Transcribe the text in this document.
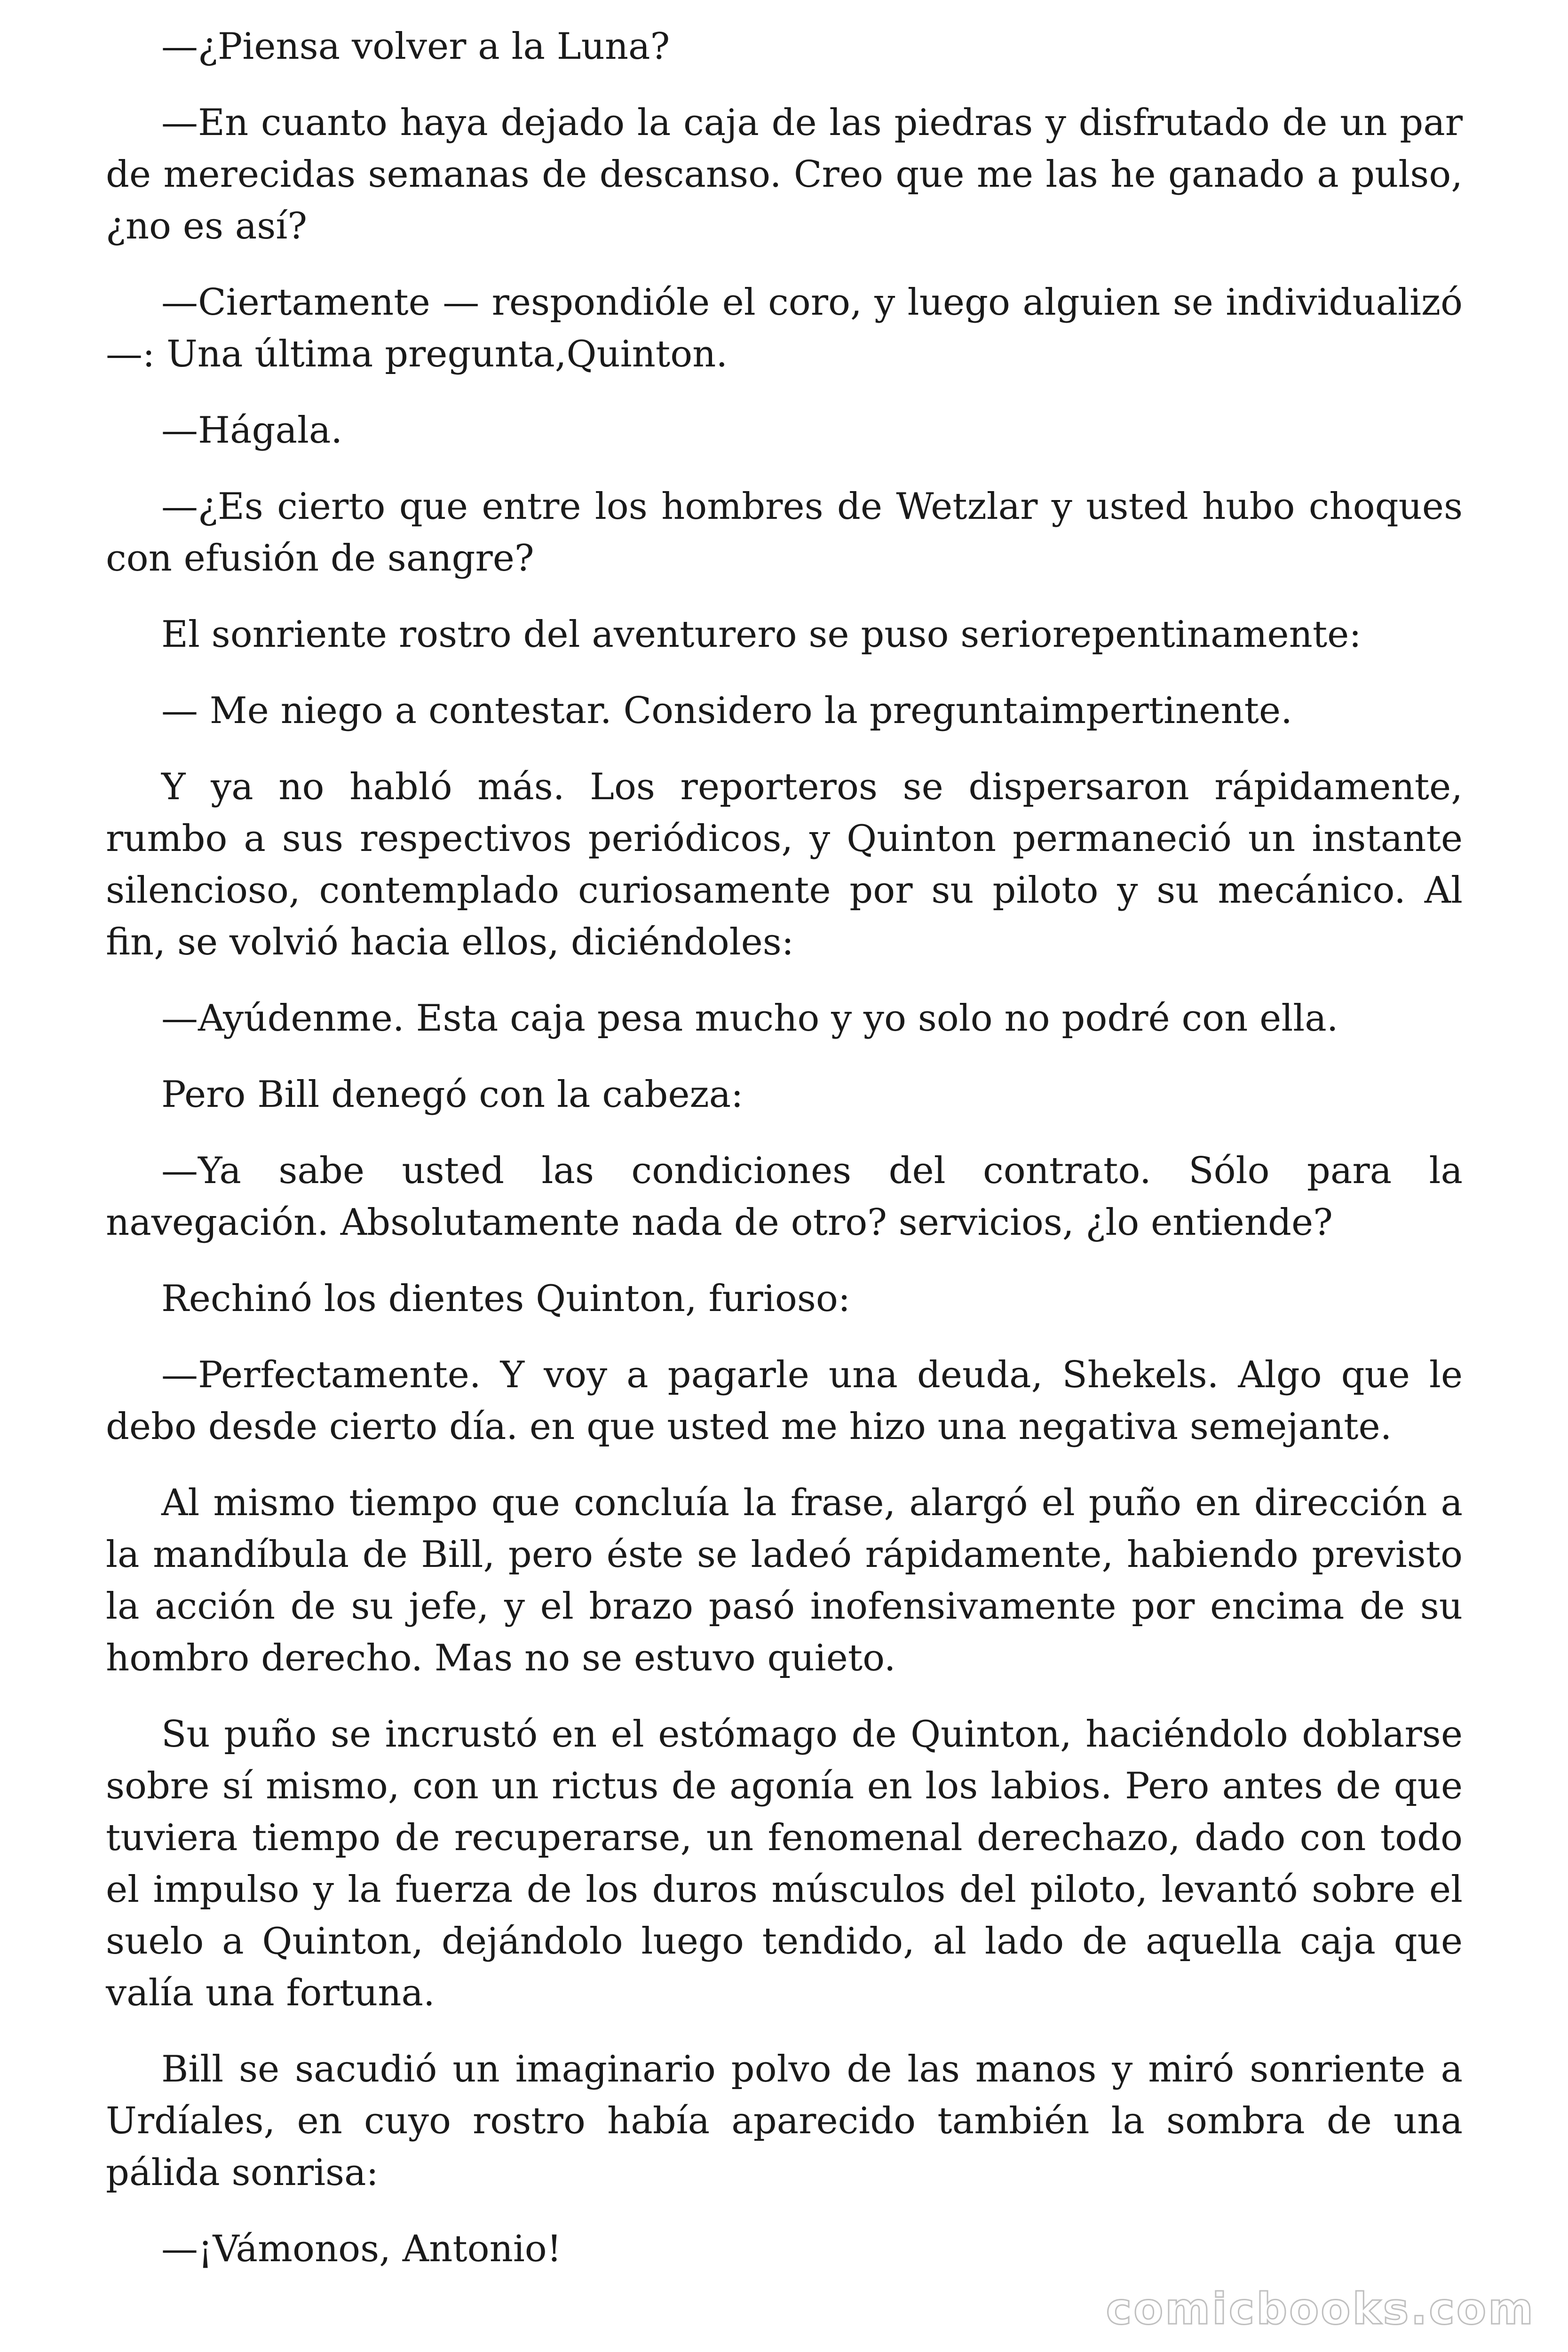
—¿Piensa volver a la Luna?

—En cuanto haya dejado la caja de las piedras y disfrutado de un par de merecidas semanas de descanso. Creo que me las he ganado a pulso, ¿no es así?

—Ciertamente — respondióle el coro, y luego alguien se individualizó—: Una última pregunta,Quinton.

—Hágala.

—¿Es cierto que entre los hombres de Wetzlar y usted hubo choques con efusión de sangre?

El sonriente rostro del aventurero se puso seriorepentinamente:

— Me niego a contestar. Considero la preguntaimpertinente.

Y ya no habló más. Los reporteros se dispersaron rápidamente, rumbo a sus respectivos periódicos, y Quinton permaneció un instante silencioso, contemplado curiosamente por su piloto y su mecánico. Al fin, se volvió hacia ellos, diciéndoles:

—Ayúdenme. Esta caja pesa mucho y yo solo no podré con ella.

Pero Bill denegó con la cabeza:

—Ya sabe usted las condiciones del contrato. Sólo para la navegación. Absolutamente nada de otro? servicios, ¿lo entiende?

Rechinó los dientes Quinton, furioso:

—Perfectamente. Y voy a pagarle una deuda, Shekels. Algo que le debo desde cierto día. en que usted me hizo una negativa semejante.

Al mismo tiempo que concluía la frase, alargó el puño en dirección a la mandíbula de Bill, pero éste se ladeó rápidamente, habiendo previsto la acción de su jefe, y el brazo pasó inofensivamente por encima de su hombro derecho. Mas no se estuvo quieto.

Su puño se incrustó en el estómago de Quinton, haciéndolo doblarse sobre sí mismo, con un rictus de agonía en los labios. Pero antes de que tuviera tiempo de recuperarse, un fenomenal derechazo, dado con todo el impulso y la fuerza de los duros músculos del piloto, levantó sobre el suelo a Quinton, dejándolo luego tendido, al lado de aquella caja que valía una fortuna.

Bill se sacudió un imaginario polvo de las manos y miró sonriente a Urdíales, en cuyo rostro había aparecido también la sombra de una pálida sonrisa:

—¡Vámonos, Antonio!

comicbooks.com
